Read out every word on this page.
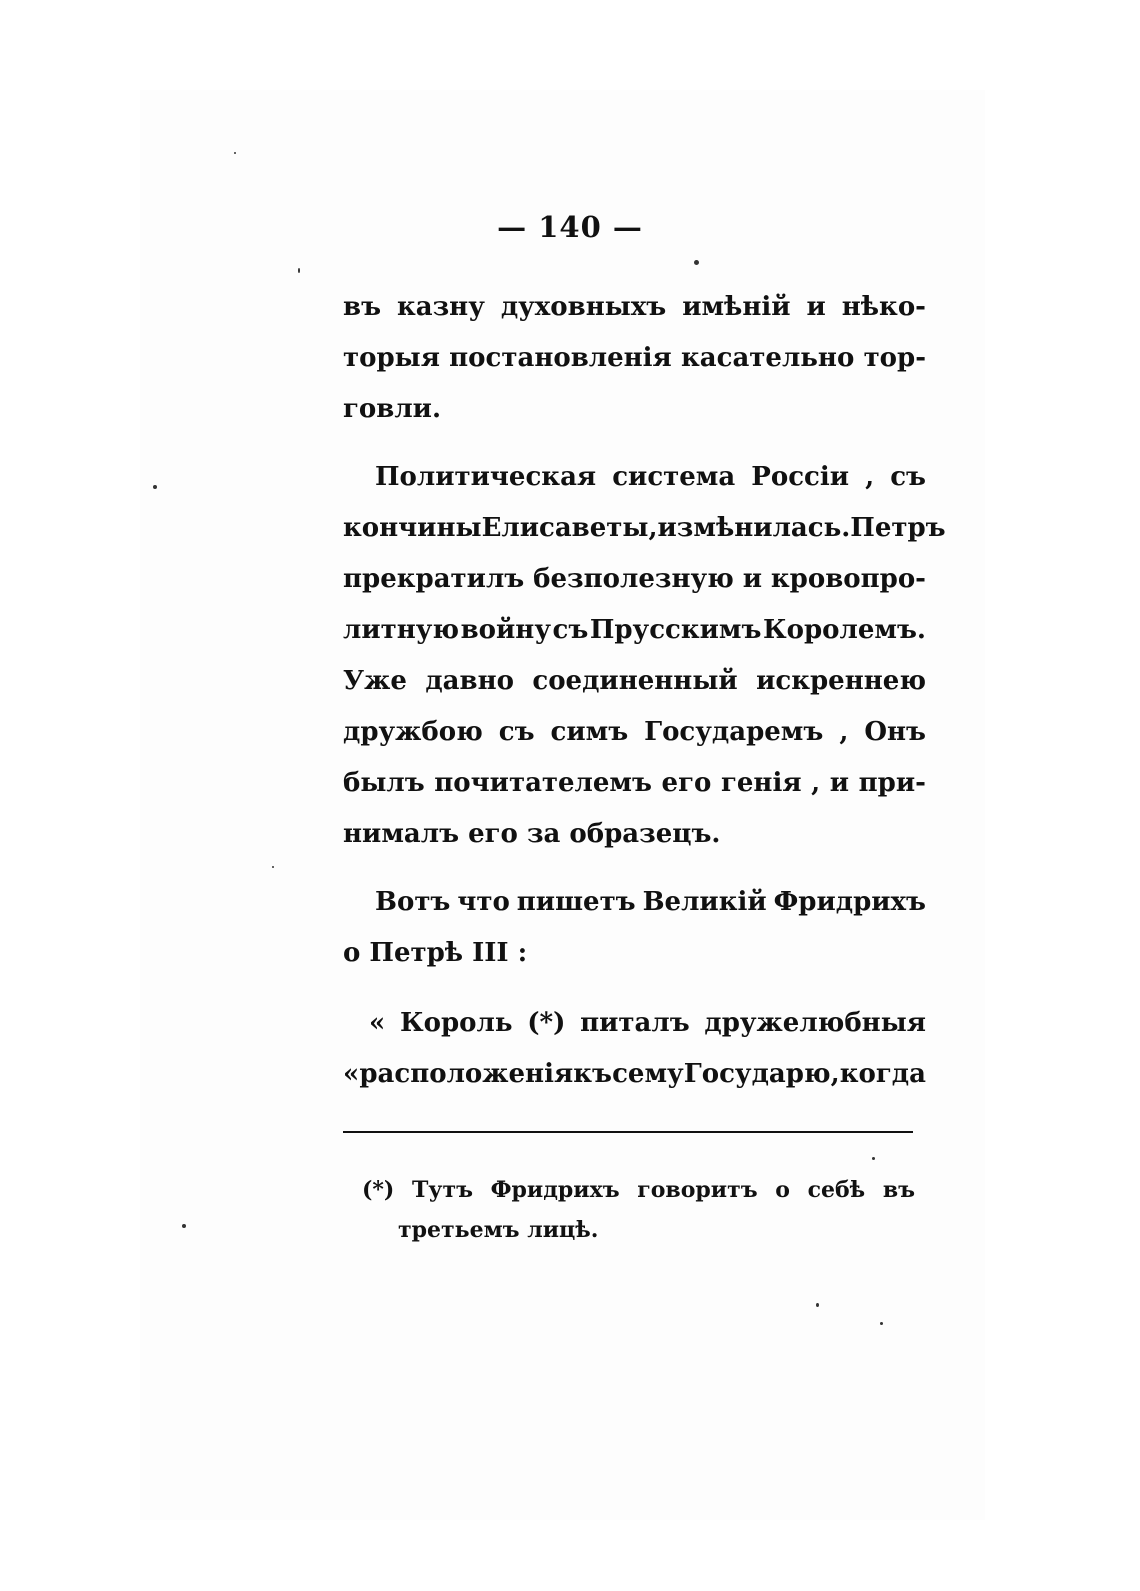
— 140 —
въ казну духовныхъ имѣній и нѣко-
торыя постановленія касательно тор-
говли.
Политическая система Россіи , съ
кончины Елисаветы, измѣнилась. Петръ
прекратилъ безполезную и кровопро-
литную войну съ Прусскимъ Королемъ.
Уже давно соединенный искреннею
дружбою съ симъ Государемъ , Онъ
былъ почитателемъ его генія , и при-
нималъ его за образецъ.
Вотъ что пишетъ Великій Фридрихъ
о Петрѣ III :
« Король (*) питалъ дружелюбныя
« расположенія къ сему Государю, когда
(*) Тутъ Фридрихъ говоритъ о себѣ въ
третьемъ лицѣ.
